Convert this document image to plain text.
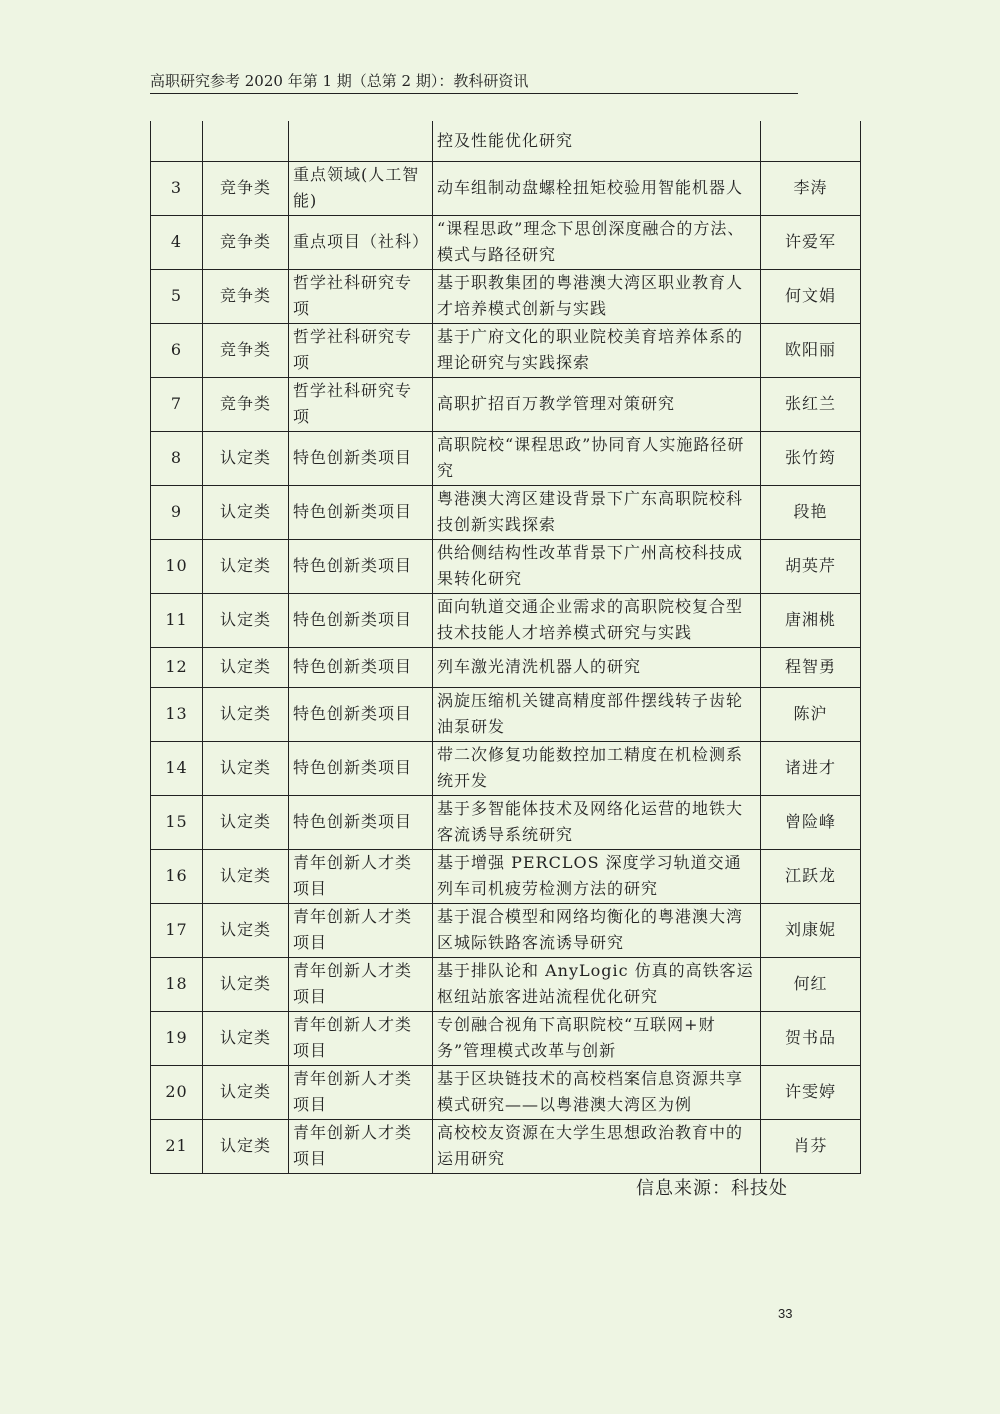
高职研究参考 2020 年第 1 期（总第 2 期）：教科研资讯
			控及性能优化研究	
3	竞争类	重点领域(人工智能)	动车组制动盘螺栓扭矩校验用智能机器人	李涛
4	竞争类	重点项目（社科）	“课程思政”理念下思创深度融合的方法、模式与路径研究	许爱军
5	竞争类	哲学社科研究专项	基于职教集团的粤港澳大湾区职业教育人才培养模式创新与实践	何文娟
6	竞争类	哲学社科研究专项	基于广府文化的职业院校美育培养体系的理论研究与实践探索	欧阳丽
7	竞争类	哲学社科研究专项	高职扩招百万教学管理对策研究	张红兰
8	认定类	特色创新类项目	高职院校“课程思政”协同育人实施路径研究	张竹筠
9	认定类	特色创新类项目	粤港澳大湾区建设背景下广东高职院校科技创新实践探索	段艳
10	认定类	特色创新类项目	供给侧结构性改革背景下广州高校科技成果转化研究	胡英芹
11	认定类	特色创新类项目	面向轨道交通企业需求的高职院校复合型技术技能人才培养模式研究与实践	唐湘桃
12	认定类	特色创新类项目	列车激光清洗机器人的研究	程智勇
13	认定类	特色创新类项目	涡旋压缩机关键高精度部件摆线转子齿轮油泵研发	陈沪
14	认定类	特色创新类项目	带二次修复功能数控加工精度在机检测系统开发	诸进才
15	认定类	特色创新类项目	基于多智能体技术及网络化运营的地铁大客流诱导系统研究	曾险峰
16	认定类	青年创新人才类项目	基于增强 PERCLOS 深度学习轨道交通列车司机疲劳检测方法的研究	江跃龙
17	认定类	青年创新人才类项目	基于混合模型和网络均衡化的粤港澳大湾区城际铁路客流诱导研究	刘康妮
18	认定类	青年创新人才类项目	基于排队论和 AnyLogic 仿真的高铁客运枢纽站旅客进站流程优化研究	何红
19	认定类	青年创新人才类项目	专创融合视角下高职院校“互联网+财务”管理模式改革与创新	贺书品
20	认定类	青年创新人才类项目	基于区块链技术的高校档案信息资源共享模式研究——以粤港澳大湾区为例	许雯婷
21	认定类	青年创新人才类项目	高校校友资源在大学生思想政治教育中的运用研究	肖芬
信息来源：科技处
33
